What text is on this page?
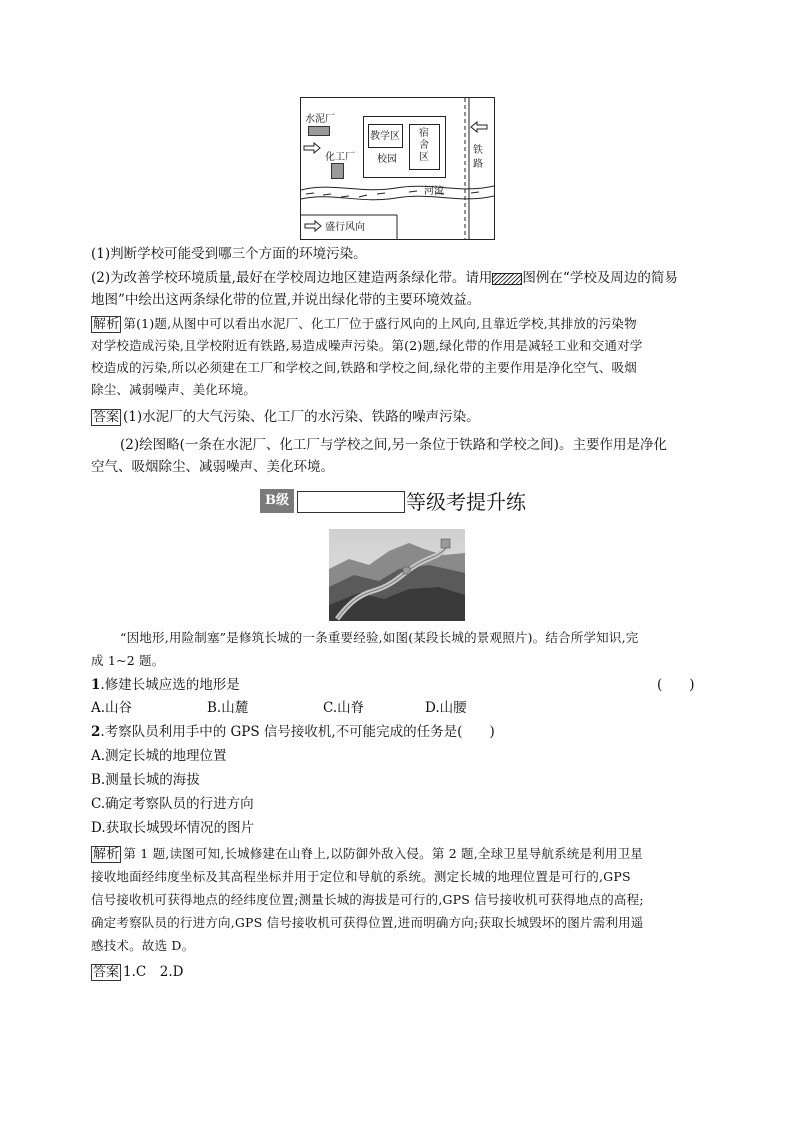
水泥厂
化工厂
教学区 宿
舍
区
校园
河流
铁
路
盛行风向
(1)判断学校可能受到哪三个方面的环境污染。
(2)为改善学校环境质量,最好在学校周边地区建造两条绿化带。请用 图例在“学校及周边的简易
地图”中绘出这两条绿化带的位置,并说出绿化带的主要环境效益。
解析 第(1)题,从图中可以看出水泥厂、化工厂位于盛行风向的上风向,且靠近学校,其排放的污染物
对学校造成污染,且学校附近有铁路,易造成噪声污染。第(2)题,绿化带的作用是减轻工业和交通对学
校造成的污染,所以必须建在工厂和学校之间,铁路和学校之间,绿化带的主要作用是净化空气、吸烟
除尘、减弱噪声、美化环境。
答案 (1)水泥厂的大气污染、化工厂的水污染、铁路的噪声污染。
(2)绘图略(一条在水泥厂、化工厂与学校之间,另一条位于铁路和学校之间)。主要作用是净化
空气、吸烟除尘、减弱噪声、美化环境。
B级	等级考提升练
“因地形,用险制塞”是修筑长城的一条重要经验,如图(某段长城的景观照片)。结合所学知识,完
成 1~2 题。
1.修建长城应选的地形是	(　　)
A.山谷	B.山麓	C.山脊	D.山腰
2.考察队员利用手中的 GPS 信号接收机,不可能完成的任务是(　　)
A.测定长城的地理位置
B.测量长城的海拔
C.确定考察队员的行进方向
D.获取长城毁坏情况的图片
解析 第 1 题,读图可知,长城修建在山脊上,以防御外敌入侵。第 2 题,全球卫星导航系统是利用卫星
接收地面经纬度坐标及其高程坐标并用于定位和导航的系统。测定长城的地理位置是可行的,GPS
信号接收机可获得地点的经纬度位置;测量长城的海拔是可行的,GPS 信号接收机可获得地点的高程;
确定考察队员的行进方向,GPS 信号接收机可获得位置,进而明确方向;获取长城毁坏的图片需利用遥
感技术。故选 D。
答案 1.C　2.D
